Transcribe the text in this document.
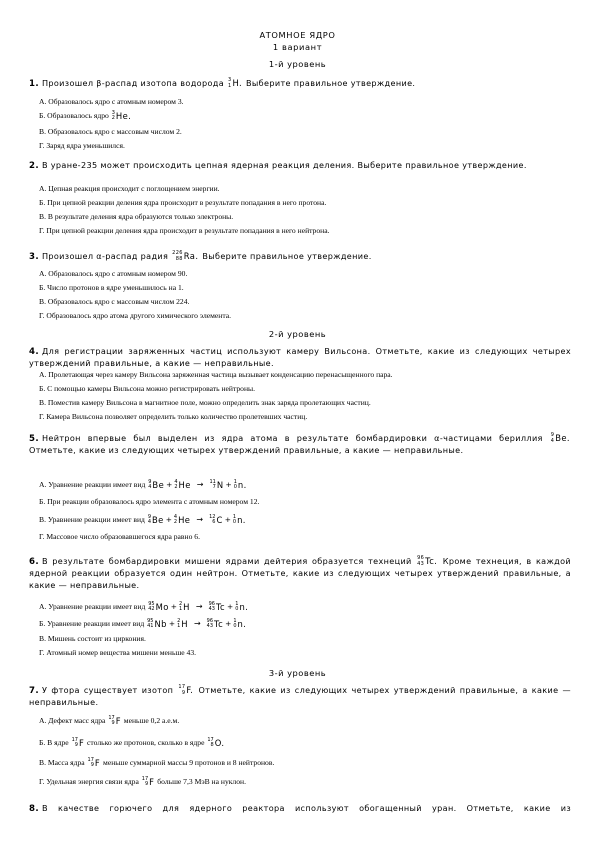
АТОМНОЕ ЯДРО
1 вариант
1-й уровень
1. Произошел β-распад изотопа водорода 3
1 H. Выберите правильное утверждение.
А. Образовалось ядро с атомным номером 3.
Б. Образовалось ядро 3
2 He.
В. Образовалось ядро с массовым числом 2.
Г. Заряд ядра уменьшился.
2. В уране-235 может происходить цепная ядерная реакция деления. Выберите правильное утверждение.
А. Цепная реакция происходит с поглощением энергии.
Б. При цепной реакции деления ядра происходит в результате попадания в него протона.
В. В результате деления ядра образуются только электроны.
Г. При цепной реакции деления ядра происходит в результате попадания в него нейтрона.
3. Произошел α-распад радия 226
88 Ra. Выберите правильное утверждение.
А. Образовалось ядро с атомным номером 90.
Б. Число протонов в ядре уменьшилось на 1.
В. Образовалось ядро с массовым числом 224.
Г. Образовалось ядро атома другого химического элемента.
2-й уровень
4. Для регистрации заряженных частиц используют камеру Вильсона. Отметьте, какие из следующих четырех утверждений правильные, а какие — неправильные.
А. Пролетающая через камеру Вильсона заряженная частица вызывает конденсацию перенасыщенного пара.
Б. С помощью камеры Вильсона можно регистрировать нейтроны.
В. Поместив камеру Вильсона в магнитное поле, можно определить знак заряда пролетающих частиц.
Г. Камера Вильсона позволяет определить только количество пролетевших частиц.
5. Нейтрон впервые был выделен из ядра атома в результате бомбардировки α-частицами бериллия 9
4 Be.
Отметьте, какие из следующих четырех утверждений правильные, а какие — неправильные.
А. Уравнение реакции имеет вид 9
4 Be + 4
2 He → 11
7 N + 1
0 n.
Б. При реакции образовалось ядро элемента с атомным номером 12.
В. Уравнение реакции имеет вид 9
4 Be + 4
2 He → 12
6 C + 1
0 n.
Г. Массовое число образовавшегося ядра равно 6.
6. В результате бомбардировки мишени ядрами дейтерия образуется технеций 96
43 Tc. Кроме технеция, в каждой ядерной реакции образуется один нейтрон. Отметьте, какие из следующих четырех утверждений правильные, а какие — неправильные.
А. Уравнение реакции имеет вид 95
42 Mo + 2
1 H → 96
43 Tc + 1
0 n.
Б. Уравнение реакции имеет вид 95
41 Nb + 2
1 H → 96
43 Tc + 1
0 n.
В. Мишень состоит из циркония.
Г. Атомный номер вещества мишени меньше 43.
3-й уровень
7. У фтора существует изотоп 17
9 F. Отметьте, какие из следующих четырех утверждений правильные, а какие — неправильные.
А. Дефект масс ядра 17
9 F меньше 0,2 а.е.м.
Б. В ядре 17
9 F столько же протонов, сколько в ядре 17
8 O.
В. Масса ядра 17
9 F меньше суммарной массы 9 протонов и 8 нейтронов.
Г. Удельная энергия связи ядра 17
9 F больше 7,3 МэВ на нуклон.
8. В качестве горючего для ядерного реактора используют обогащенный уран. Отметьте, какие из
